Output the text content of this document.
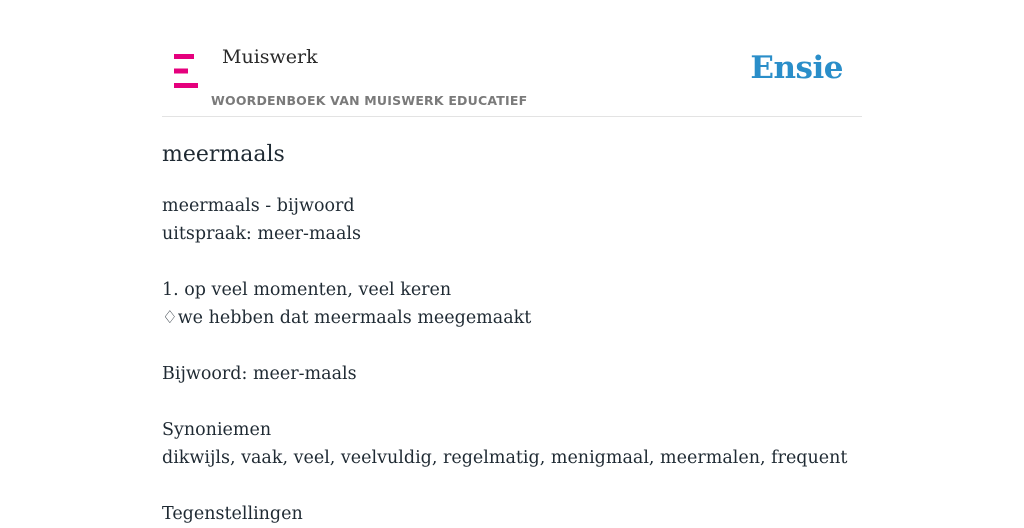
Muiswerk
WOORDENBOEK VAN MUISWERK EDUCATIEF
Ensie
meermaals
meermaals - bijwoord
uitspraak: meer-maals
1. op veel momenten, veel keren
♢we hebben dat meermaals meegemaakt
Bijwoord: meer-maals
Synoniemen
dikwijls, vaak, veel, veelvuldig, regelmatig, menigmaal, meermalen, frequent
Tegenstellingen
